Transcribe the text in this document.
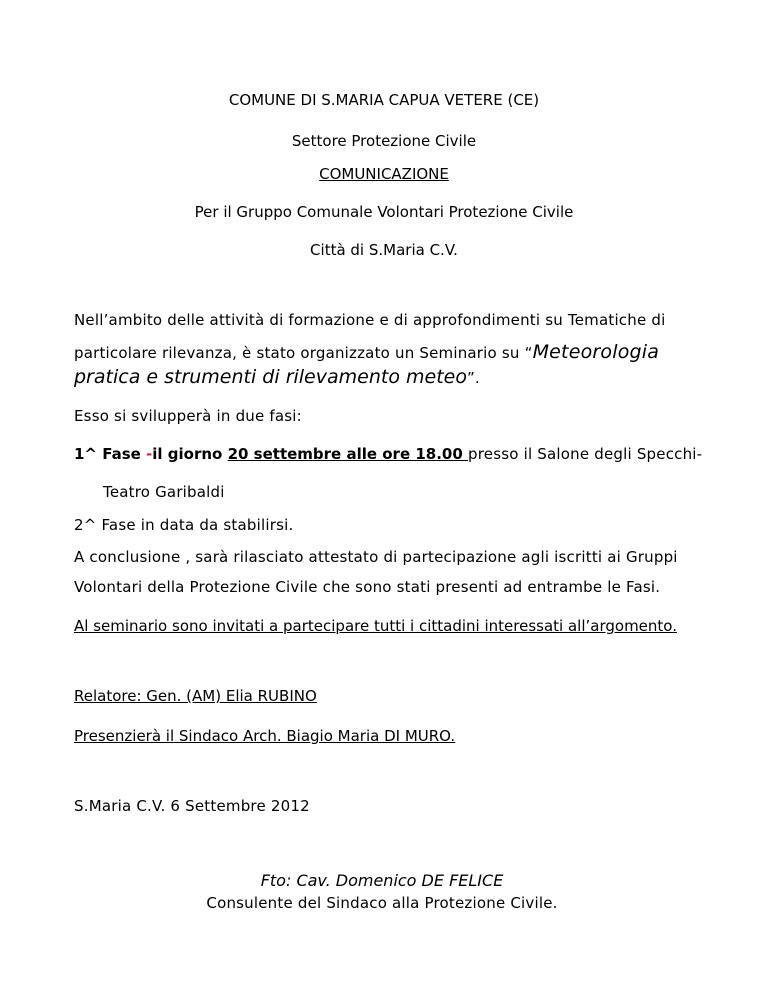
COMUNE DI S.MARIA CAPUA VETERE (CE)
Settore Protezione Civile
COMUNICAZIONE
Per il Gruppo Comunale Volontari Protezione Civile
Città di S.Maria C.V.
Nell’ambito delle attività di formazione e di approfondimenti su Tematiche di
particolare rilevanza, è stato organizzato un Seminario su “Meteorologia
pratica e strumenti di rilevamento meteo”.
Esso si svilupperà in due fasi:
1^ Fase -il giorno 20 settembre alle ore 18.00 presso il Salone degli Specchi-
Teatro Garibaldi
2^ Fase in data da stabilirsi.
A conclusione , sarà rilasciato attestato di partecipazione agli iscritti ai Gruppi
Volontari della Protezione Civile che sono stati presenti ad entrambe le Fasi.
Al seminario sono invitati a partecipare tutti i cittadini interessati all’argomento.
Relatore: Gen. (AM) Elia RUBINO
Presenzierà il Sindaco Arch. Biagio Maria DI MURO.
S.Maria C.V. 6 Settembre 2012
Fto: Cav. Domenico DE FELICE
Consulente del Sindaco alla Protezione Civile.
